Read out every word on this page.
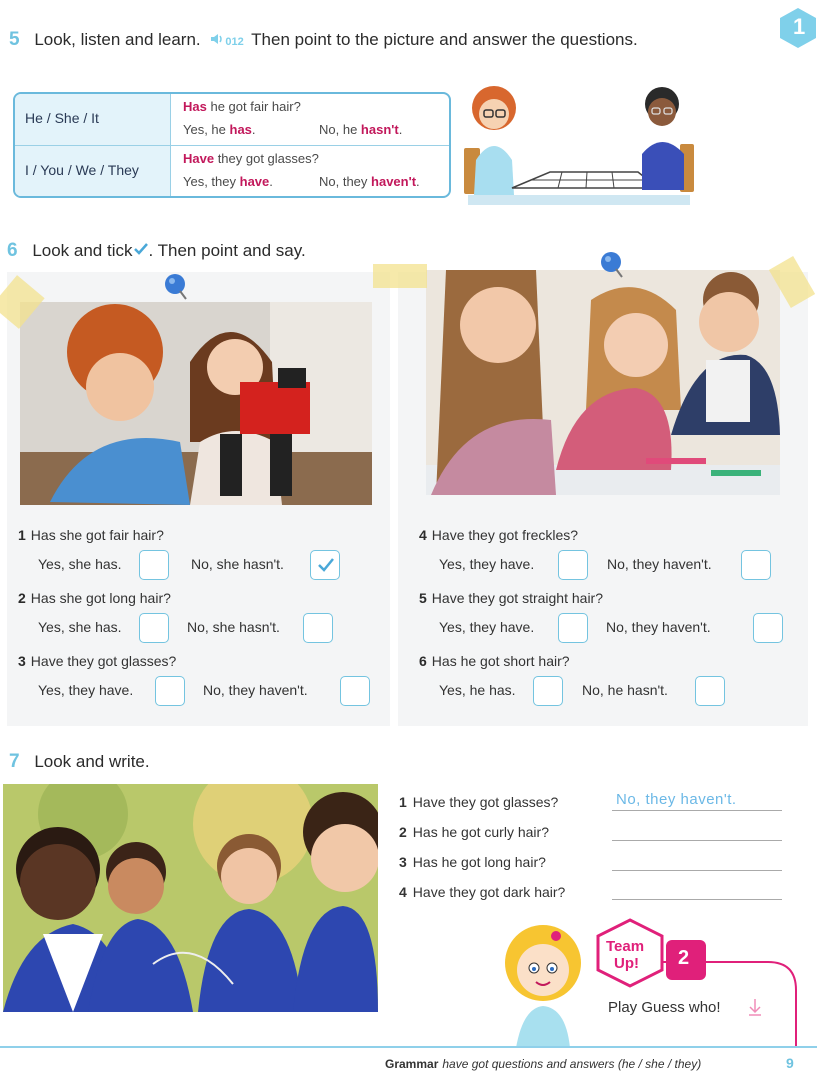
1
5 Look, listen and learn. 012 Then point to the picture and answer the questions.
He / She / It
Has he got fair hair?
Yes, he has.	No, he hasn't.
I / You / We / They
Have they got glasses?
Yes, they have.	No, they haven't.
6 Look and tick . Then point and say.
1 Has she got fair hair?
Yes, she has.	No, she hasn't.
2 Has she got long hair?
Yes, she has.	No, she hasn't.
3 Have they got glasses?
Yes, they have.	No, they haven't.
4 Have they got freckles?
Yes, they have.	No, they haven't.
5 Have they got straight hair?
Yes, they have.	No, they haven't.
6 Has he got short hair?
Yes, he has.	No, he hasn't.
7 Look and write.
1 Have they got glasses?	No, they haven't.
2 Has he got curly hair?
3 Has he got long hair?
4 Have they got dark hair?
Team
Up! 2
Play Guess who!
Grammar have got questions and answers (he / she / they)	9
